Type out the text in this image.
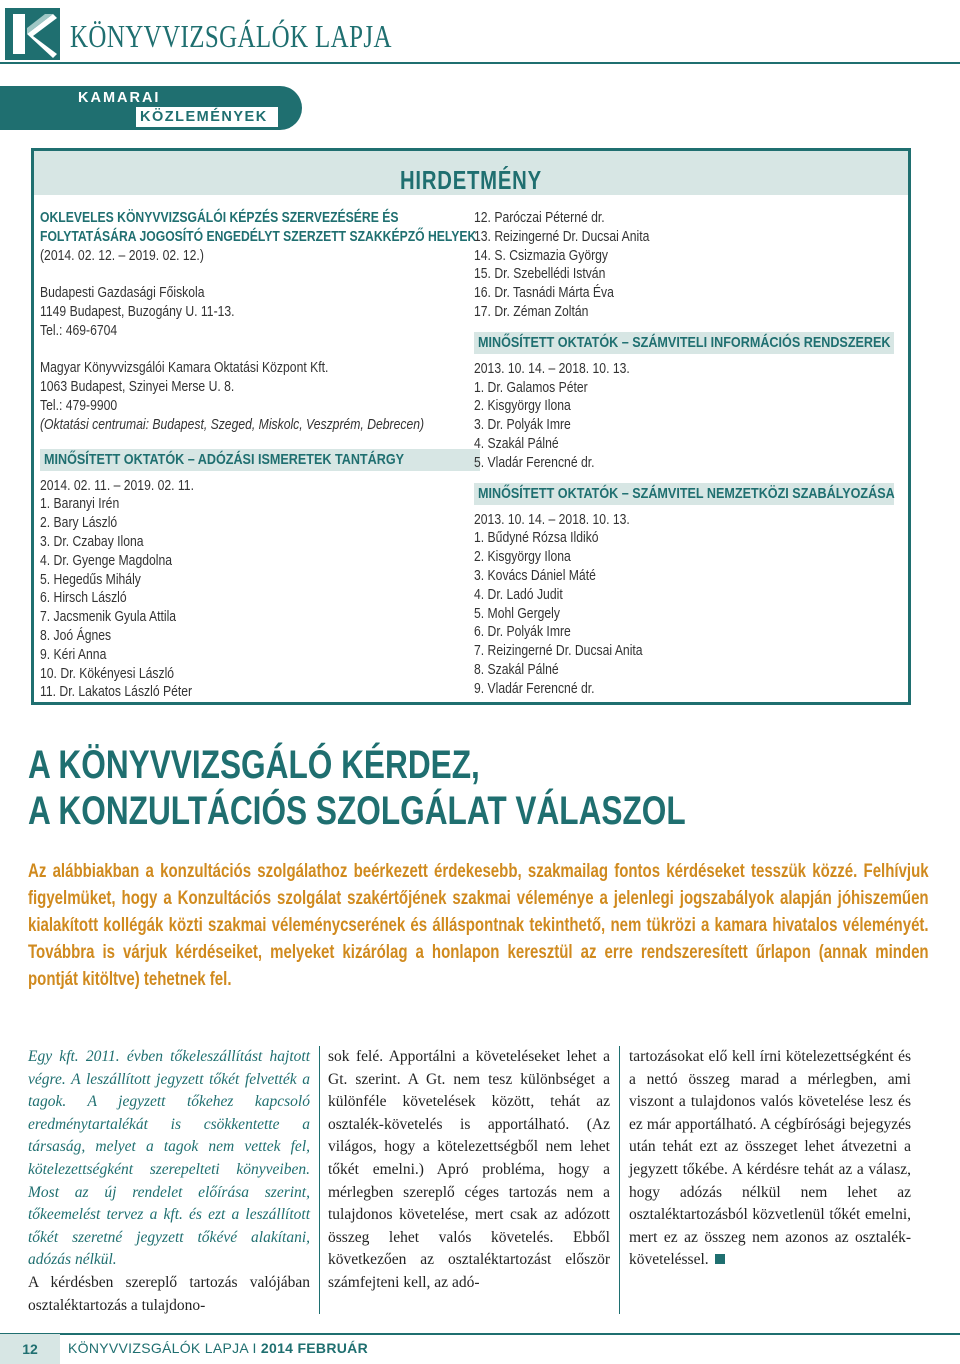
KÖNYVVIZSGÁLÓK LAPJA
KAMARAI
KÖZLEMÉNYEK
HIRDETMÉNY
OKLEVELES KÖNYVVIZSGÁLÓI KÉPZÉS SZERVEZÉSÉRE ÉS
FOLYTATÁSÁRA JOGOSÍTÓ ENGEDÉLYT SZERZETT SZAKKÉPZŐ HELYEK
(2014. 02. 12. – 2019. 02. 12.)
Budapesti Gazdasági Főiskola
1149 Budapest, Buzogány U. 11-13.
Tel.: 469-6704
Magyar Könyvvizsgálói Kamara Oktatási Központ Kft.
1063 Budapest, Szinyei Merse U. 8.
Tel.: 479-9900
(Oktatási centrumai: Budapest, Szeged, Miskolc, Veszprém, Debrecen)
MINŐSÍTETT OKTATÓK – ADÓZÁSI ISMERETEK TANTÁRGY
2014. 02. 11. – 2019. 02. 11.
1. Baranyi Irén
2. Bary László
3. Dr. Czabay Ilona
4. Dr. Gyenge Magdolna
5. Hegedűs Mihály
6. Hirsch László
7. Jacsmenik Gyula Attila
8. Joó Ágnes
9. Kéri Anna
10. Dr. Kökényesi László
11. Dr. Lakatos László Péter
12. Paróczai Péterné dr.
13. Reizingerné Dr. Ducsai Anita
14. S. Csizmazia György
15. Dr. Szebellédi István
16. Dr. Tasnádi Márta Éva
17. Dr. Zéman Zoltán
MINŐSÍTETT OKTATÓK – SZÁMVITELI INFORMÁCIÓS RENDSZEREK
2013. 10. 14. – 2018. 10. 13.
1. Dr. Galamos Péter
2. Kisgyörgy Ilona
3. Dr. Polyák Imre
4. Szakál Pálné
5. Vladár Ferencné dr.
MINŐSÍTETT OKTATÓK – SZÁMVITEL NEMZETKÖZI SZABÁLYOZÁSA
2013. 10. 14. – 2018. 10. 13.
1. Bűdyné Rózsa Ildikó
2. Kisgyörgy Ilona
3. Kovács Dániel Máté
4. Dr. Ladó Judit
5. Mohl Gergely
6. Dr. Polyák Imre
7. Reizingerné Dr. Ducsai Anita
8. Szakál Pálné
9. Vladár Ferencné dr.
A KÖNYVVIZSGÁLÓ KÉRDEZ,
A KONZULTÁCIÓS SZOLGÁLAT VÁLASZOL
Az alábbiakban a konzultációs szolgálathoz beérkezett érdekesebb, szakmailag fontos kérdéseket tesszük közzé. Felhívjuk figyelmüket, hogy a Konzultációs szolgálat szakértőjének szakmai véleménye a jelenlegi jogszabályok alapján jóhiszeműen kialakított kollégák közti szakmai véleménycserének és álláspontnak tekinthető, nem tükrözi a kamara hivatalos véleményét. Továbbra is várjuk kérdéseiket, melyeket kizárólag a honlapon keresztül az erre rendszeresített űrlapon (annak minden pontját kitöltve) tehetnek fel.
Egy kft. 2011. évben tőkeleszállítást hajtott végre. A leszállított jegyzett tőkét felvették a tagok. A jegyzett tőkehez kapcsoló eredménytartalékát is csökkentette a társaság, melyet a tagok nem vettek fel, kötelezettségként szerepelteti könyveiben. Most az új rendelet előírása szerint, tőkeemelést tervez a kft. és ezt a leszállított tőkét szeretné jegyzett tőkévé alakítani, adózás nélkül.
A kérdésben szereplő tartozás valójában osztaléktartozás a tulajdono-
sok felé. Apportálni a követeléseket lehet a Gt. szerint. A Gt. nem tesz különbséget a különféle követelések között, tehát az osztalék-követelés is apportálható. (Az világos, hogy a kötelezettségből nem lehet tőkét emelni.) Apró probléma, hogy a mérlegben szereplő céges tartozás nem a tulajdonos követelése, mert csak az adózott összeg lehet valós követelés. Ebből következően az osztaléktartozást először számfejteni kell, az adó-
tartozásokat elő kell írni kötelezettségként és a nettó összeg marad a mérlegben, ami viszont a tulajdonos valós követelése lesz és ez már apportálható. A cégbírósági bejegyzés után tehát ezt az összeget lehet átvezetni a jegyzett tőkébe. A kérdésre tehát az a válasz, hogy adózás nélkül nem lehet az osztaléktartozásból közvetlenül tőkét emelni, mert ez az összeg nem azonos az osztalék-követeléssel.
12	KÖNYVVIZSGÁLÓK LAPJA I 2014 FEBRUÁR
